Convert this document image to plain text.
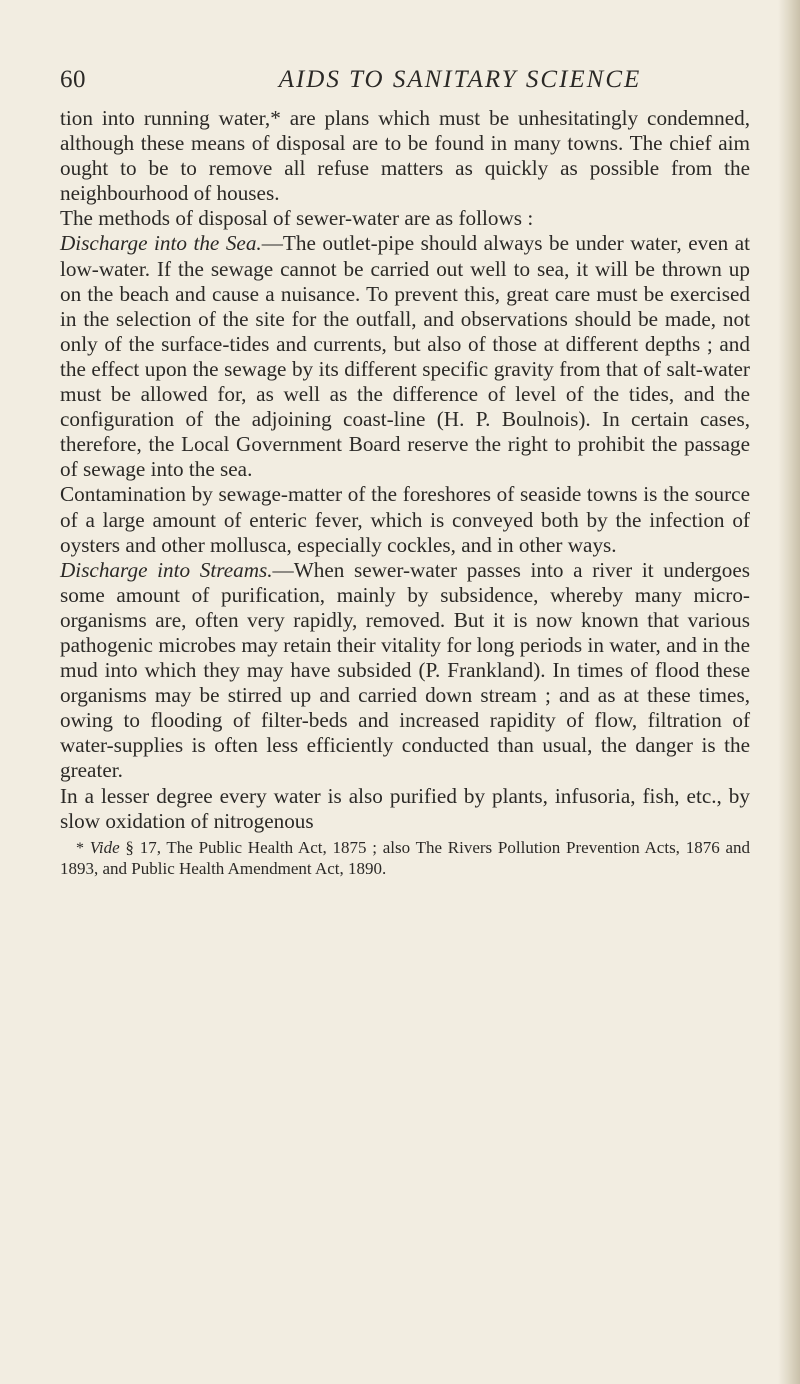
60	AIDS TO SANITARY SCIENCE

tion into running water,* are plans which must be unhesitatingly condemned, although these means of disposal are to be found in many towns. The chief aim ought to be to remove all refuse matters as quickly as possible from the neighbourhood of houses.

The methods of disposal of sewer-water are as follows :

Discharge into the Sea.—The outlet-pipe should always be under water, even at low-water. If the sewage cannot be carried out well to sea, it will be thrown up on the beach and cause a nuisance. To prevent this, great care must be exercised in the selection of the site for the outfall, and observations should be made, not only of the surface-tides and currents, but also of those at different depths ; and the effect upon the sewage by its different specific gravity from that of salt-water must be allowed for, as well as the difference of level of the tides, and the configuration of the adjoining coast-line (H. P. Boulnois). In certain cases, therefore, the Local Government Board reserve the right to prohibit the passage of sewage into the sea.

Contamination by sewage-matter of the foreshores of seaside towns is the source of a large amount of enteric fever, which is conveyed both by the infection of oysters and other mollusca, especially cockles, and in other ways.

Discharge into Streams.—When sewer-water passes into a river it undergoes some amount of purification, mainly by subsidence, whereby many micro-organisms are, often very rapidly, removed. But it is now known that various pathogenic microbes may retain their vitality for long periods in water, and in the mud into which they may have subsided (P. Frankland). In times of flood these organisms may be stirred up and carried down stream ; and as at these times, owing to flooding of filter-beds and increased rapidity of flow, filtration of water-supplies is often less efficiently conducted than usual, the danger is the greater.

In a lesser degree every water is also purified by plants, infusoria, fish, etc., by slow oxidation of nitrogenous

* Vide § 17, The Public Health Act, 1875 ; also The Rivers Pollution Prevention Acts, 1876 and 1893, and Public Health Amendment Act, 1890.
